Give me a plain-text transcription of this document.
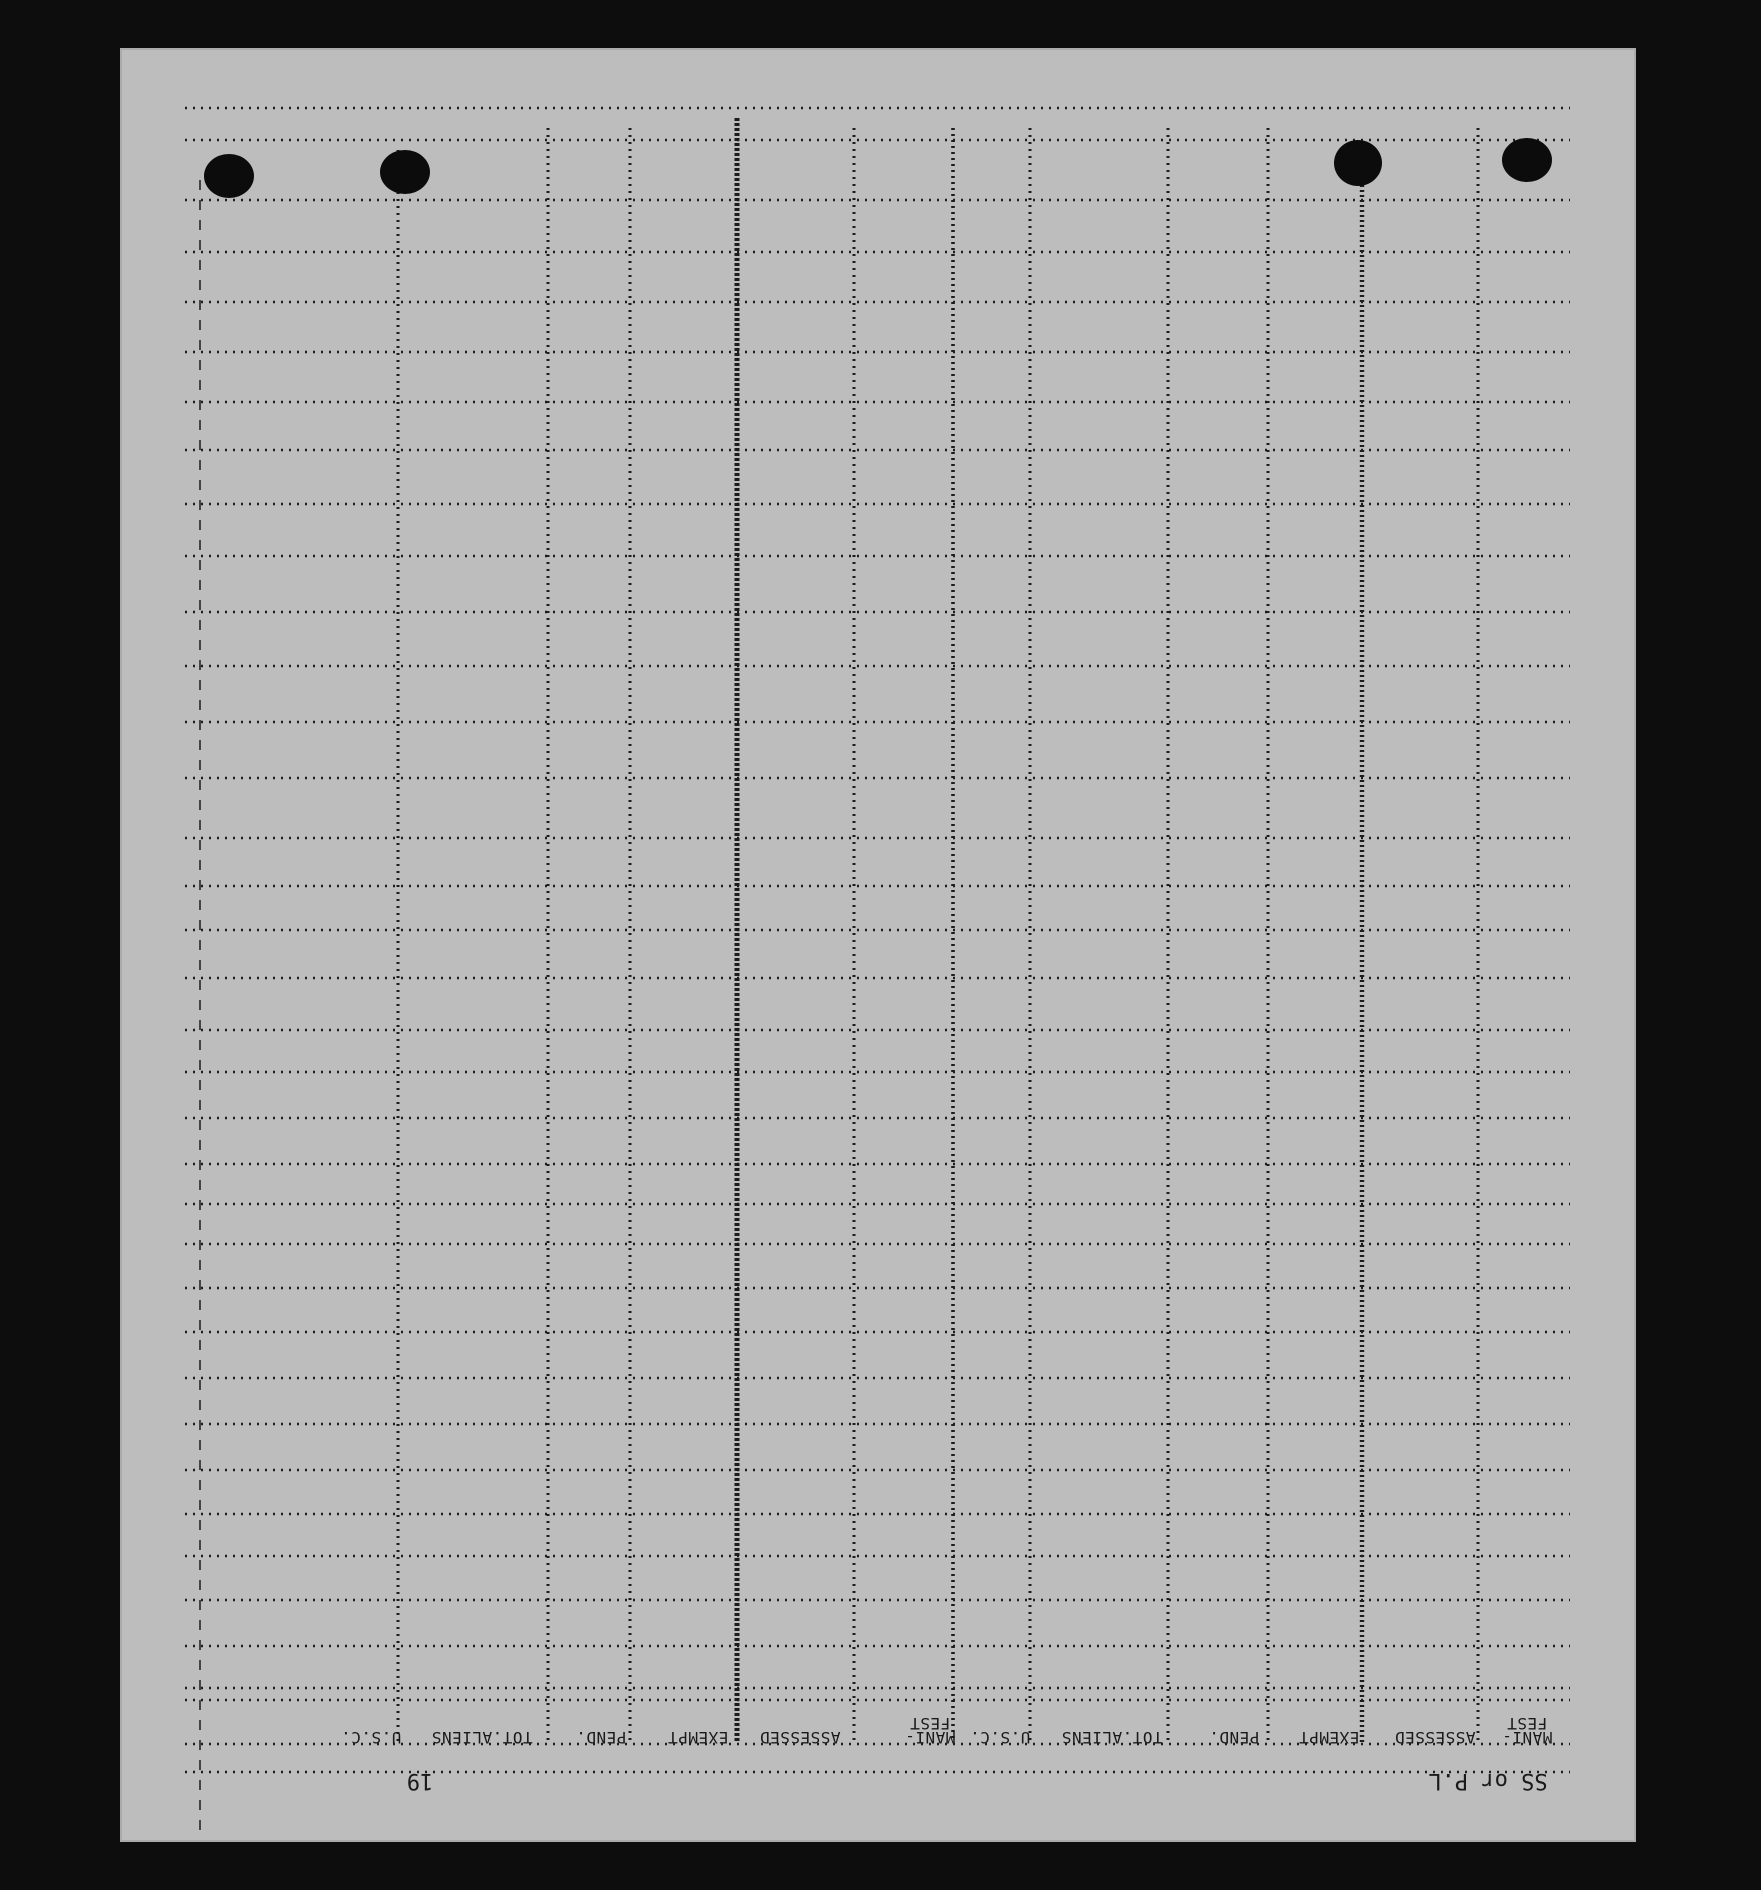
MANI-
FEST
ASSESSED
EXEMPT
PEND.
TOT.ALIENS
U.S.C.
MANI-
FEST
ASSESSED
EXEMPT
PEND.
TOT.ALIENS
U.S.C.
SS or P.L
19
